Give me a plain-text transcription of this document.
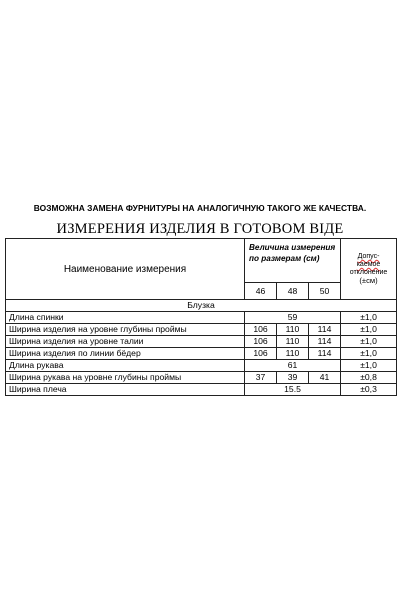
ВОЗМОЖНА ЗАМЕНА ФУРНИТУРЫ НА АНАЛОГИЧНУЮ ТАКОГО ЖЕ КАЧЕСТВА.
ИЗМЕРЕНИЯ ИЗДЕЛИЯ В ГОТОВОМ ВІДЕ
Наименование измерения	Величина измерения по размерам (см)			Допус-
каемое
отклонение
(±см)

	46	48	50	
Блузка				
Длина спинки	59			±1,0
Ширина изделия на уровне глубины проймы	106	110	114	±1,0
Ширина изделия на уровне талии	106	110	114	±1,0
Ширина изделия по линии бёдер	106	110	114	±1,0
Длина рукава	61			±1,0
Ширина рукава на уровне глубины проймы	37	39	41	±0,8
Ширина плеча	15.5			±0,3
